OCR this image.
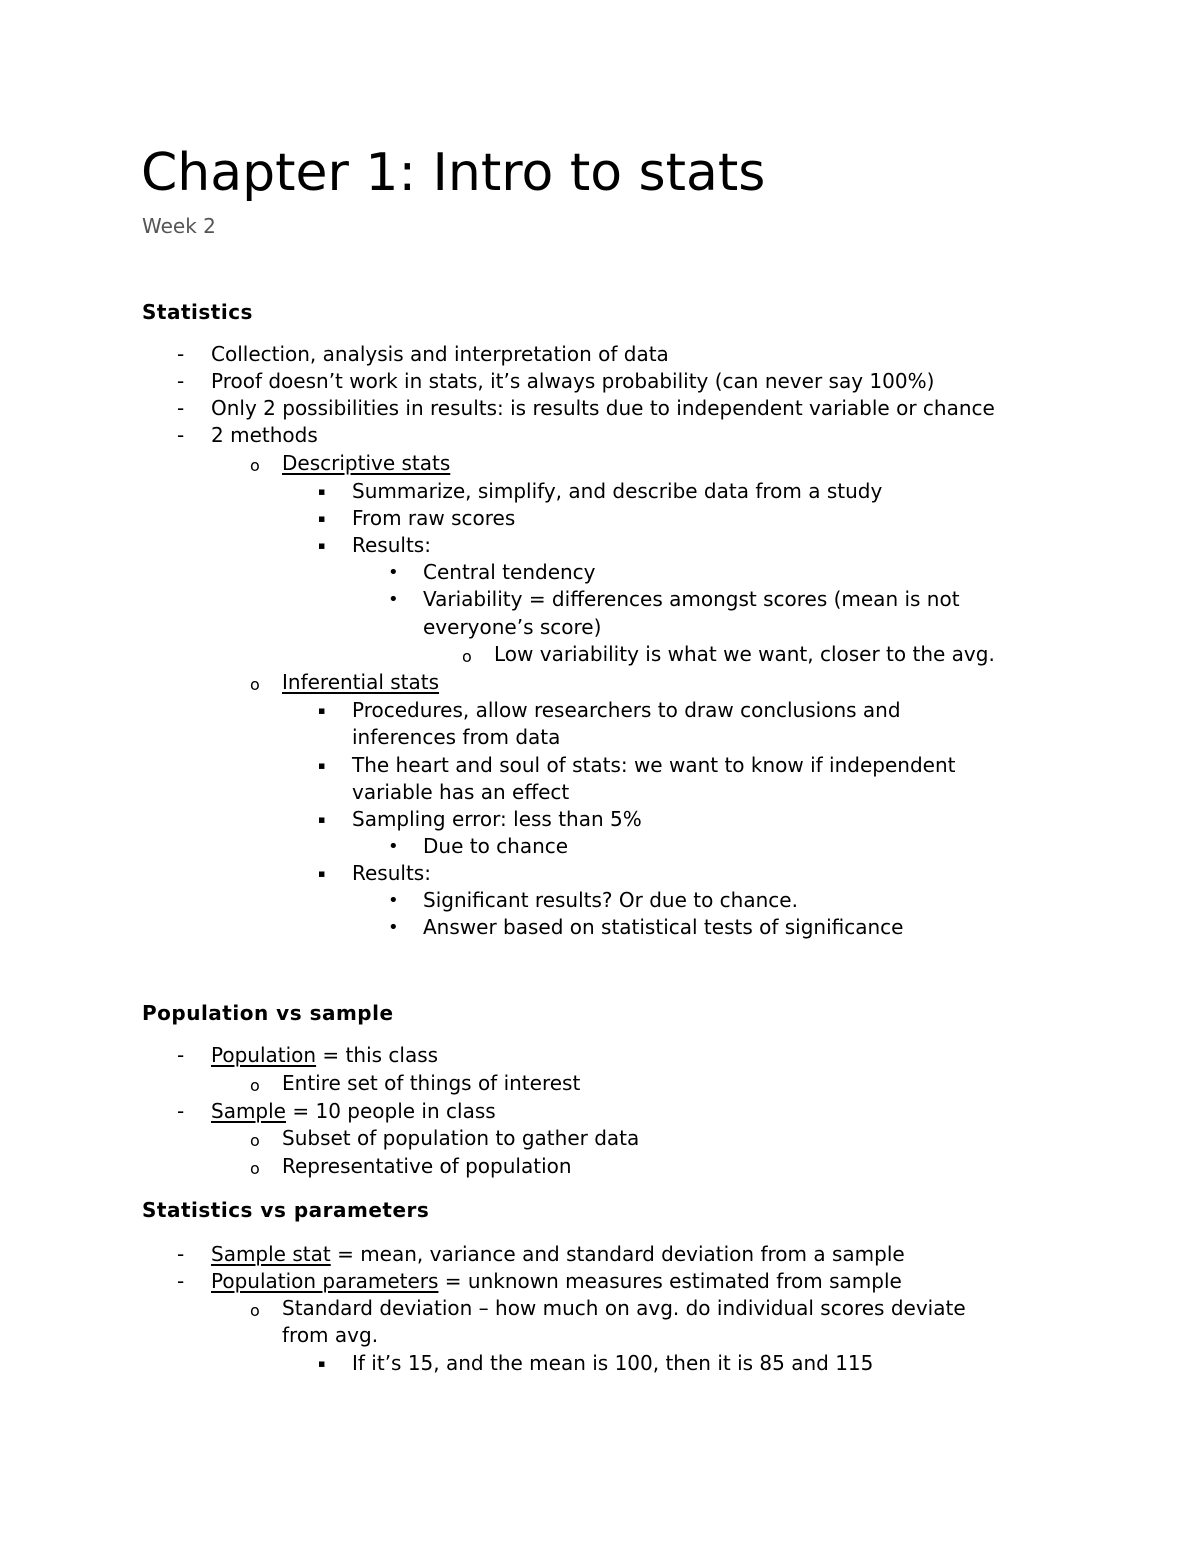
Chapter 1: Intro to stats
Week 2
Statistics
- Collection, analysis and interpretation of data
- Proof doesn’t work in stats, it’s always probability (can never say 100%)
- Only 2 possibilities in results: is results due to independent variable or chance
- 2 methods
o Descriptive stats
▪ Summarize, simplify, and describe data from a study
▪ From raw scores
▪ Results:
• Central tendency
• Variability = differences amongst scores (mean is not
everyone’s score)
o Low variability is what we want, closer to the avg.
o Inferential stats
▪ Procedures, allow researchers to draw conclusions and
inferences from data
▪ The heart and soul of stats: we want to know if independent
variable has an effect
▪ Sampling error: less than 5%
• Due to chance
▪ Results:
• Significant results? Or due to chance.
• Answer based on statistical tests of significance
Population vs sample
- Population = this class
o Entire set of things of interest
- Sample = 10 people in class
o Subset of population to gather data
o Representative of population
Statistics vs parameters
- Sample stat = mean, variance and standard deviation from a sample
- Population parameters = unknown measures estimated from sample
o Standard deviation – how much on avg. do individual scores deviate
from avg.
▪ If it’s 15, and the mean is 100, then it is 85 and 115
